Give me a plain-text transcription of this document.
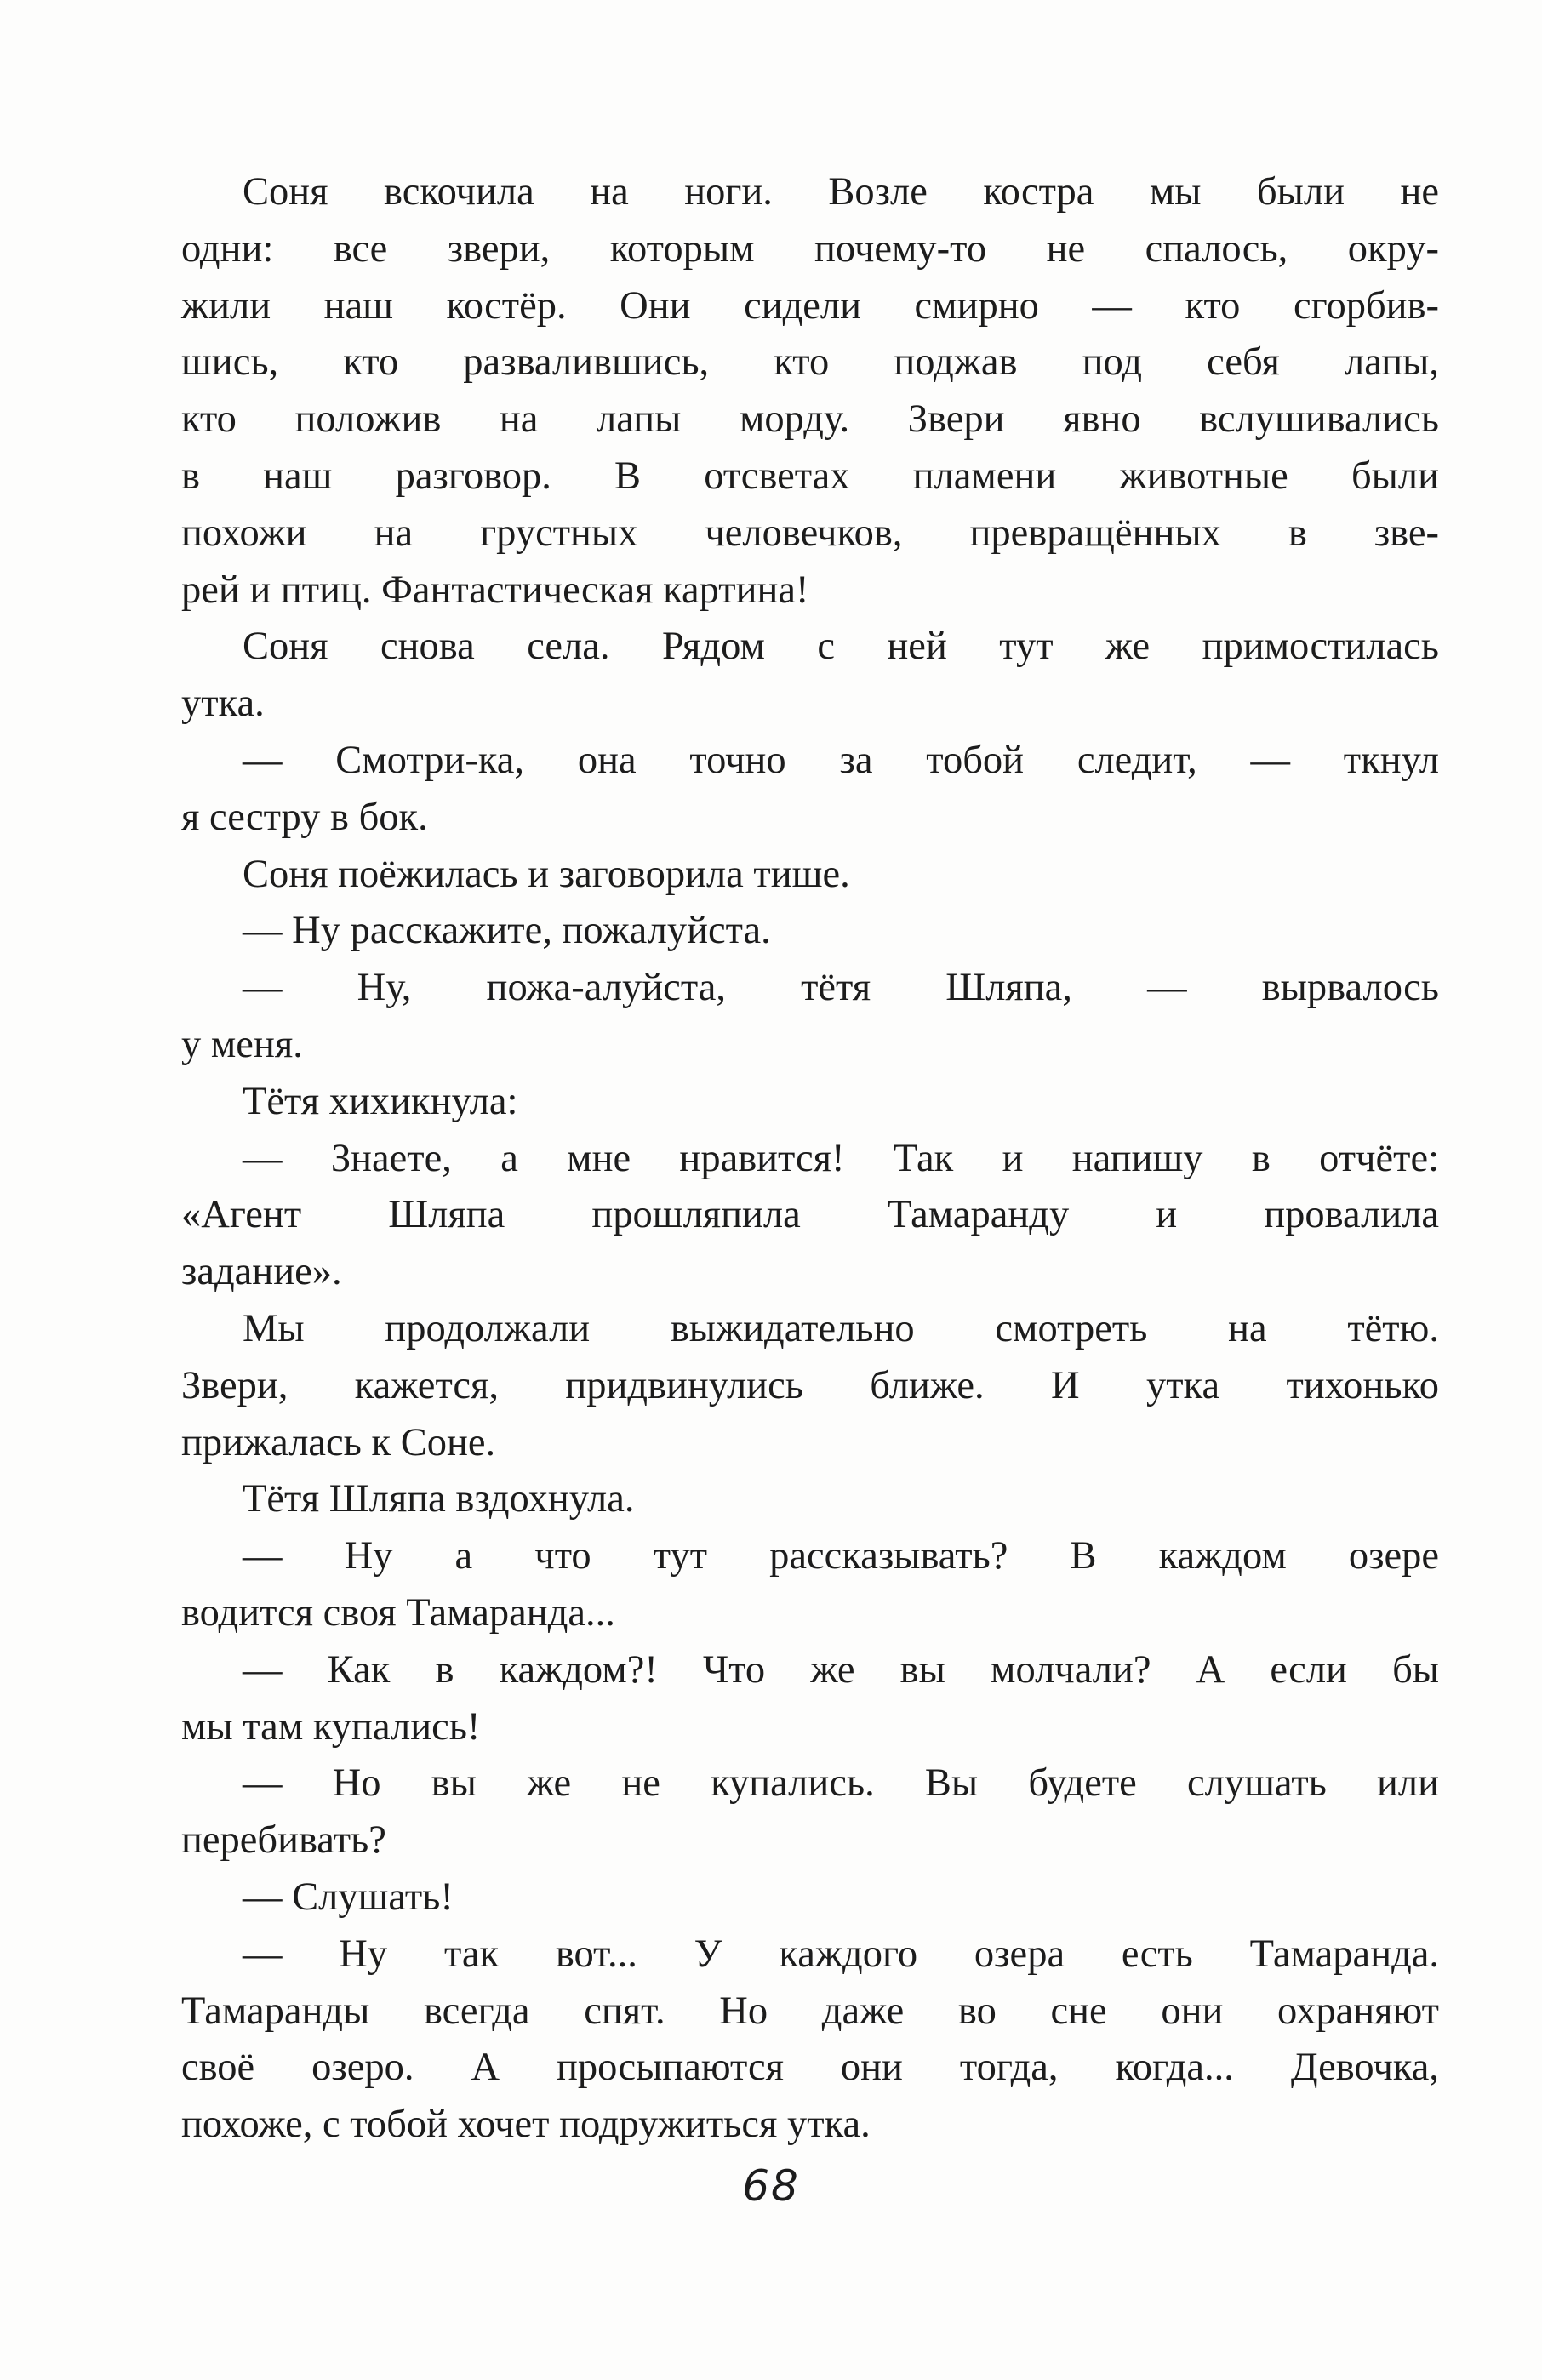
Соня вскочила на ноги. Возле костра мы были не
одни: все звери, которым почему-то не спалось, окру-
жили наш костёр. Они сидели смирно — кто сгорбив-
шись, кто развалившись, кто поджав под себя лапы,
кто положив на лапы морду. Звери явно вслушивались
в наш разговор. В отсветах пламени животные были
похожи на грустных человечков, превращённых в зве-
рей и птиц. Фантастическая картина!
Соня снова села. Рядом с ней тут же примостилась
утка.
— Смотри-ка, она точно за тобой следит, — ткнул
я сестру в бок.
Соня поёжилась и заговорила тише.
— Ну расскажите, пожалуйста.
— Ну, пожа-алуйста, тётя Шляпа, — вырвалось
у меня.
Тётя хихикнула:
— Знаете, а мне нравится! Так и напишу в отчёте:
«Агент Шляпа прошляпила Тамаранду и провалила
задание».
Мы продолжали выжидательно смотреть на тётю.
Звери, кажется, придвинулись ближе. И утка тихонько
прижалась к Соне.
Тётя Шляпа вздохнула.
— Ну а что тут рассказывать? В каждом озере
водится своя Тамаранда...
— Как в каждом?! Что же вы молчали? А если бы
мы там купались!
— Но вы же не купались. Вы будете слушать или
перебивать?
— Слушать!
— Ну так вот... У каждого озера есть Тамаранда.
Тамаранды всегда спят. Но даже во сне они охраняют
своё озеро. А просыпаются они тогда, когда... Девочка,
похоже, с тобой хочет подружиться утка.
68
